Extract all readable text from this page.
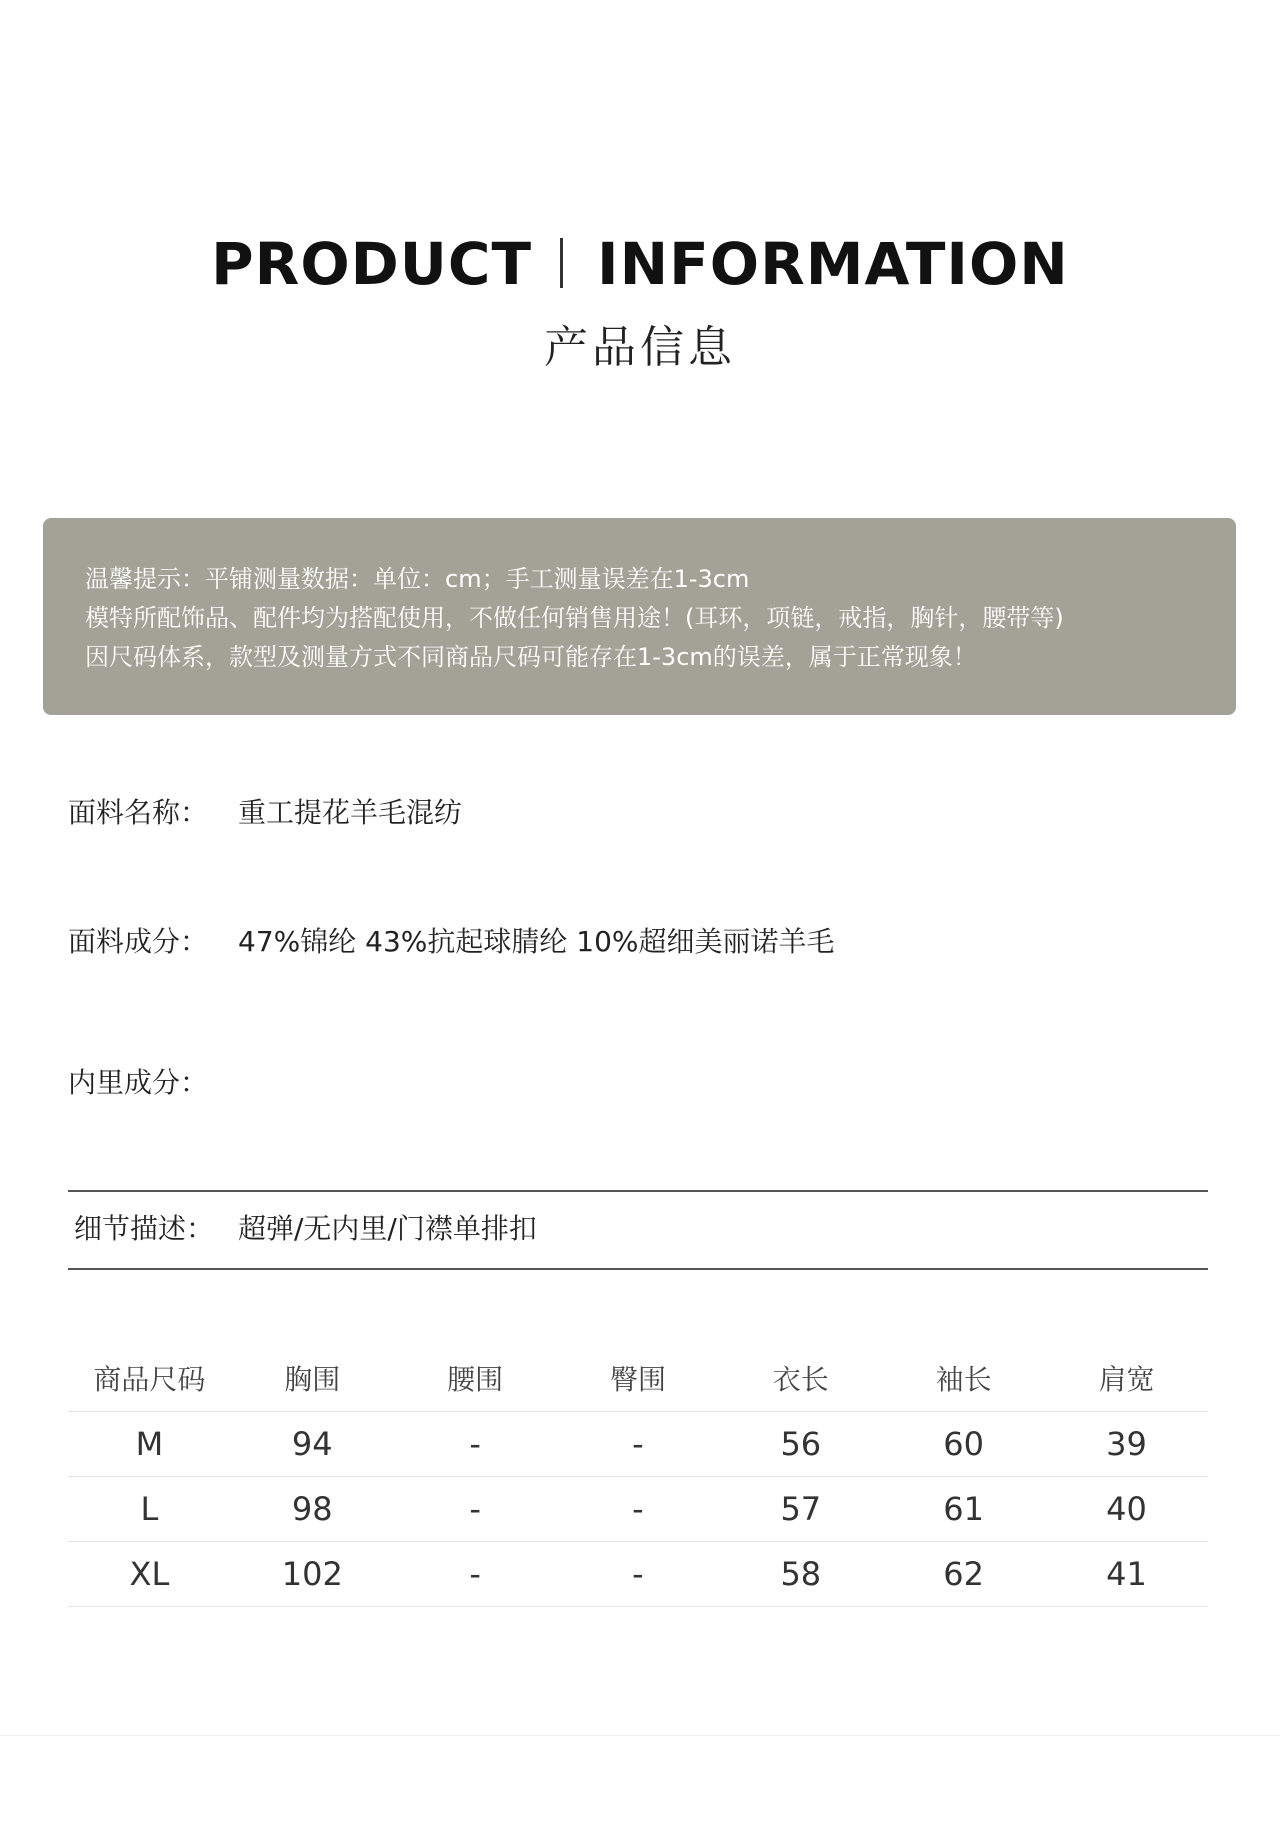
PRODUCT INFORMATION
产品信息
温馨提示：平铺测量数据：单位：cm；手工测量误差在1-3cm
模特所配饰品、配件均为搭配使用，不做任何销售用途！(耳环，项链，戒指，胸针，腰带等)
因尺码体系，款型及测量方式不同商品尺码可能存在1-3cm的误差，属于正常现象！
面料名称： 重工提花羊毛混纺
面料成分： 47%锦纶 43%抗起球腈纶 10%超细美丽诺羊毛
内里成分：
细节描述： 超弹/无内里/门襟单排扣
商品尺码	胸围	腰围	臀围	衣长	袖长	肩宽
M	94	-	-	56	60	39
L	98	-	-	57	61	40
XL	102	-	-	58	62	41
